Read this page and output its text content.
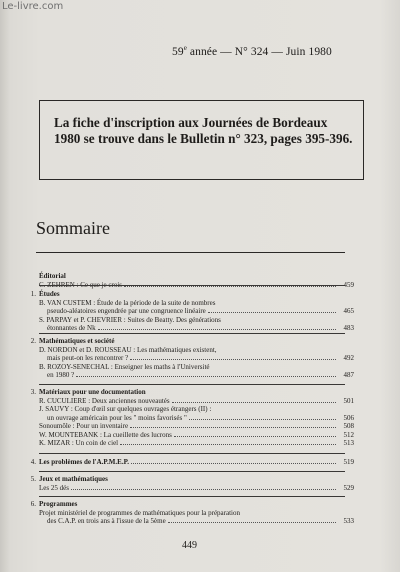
Le-livre.com
59e année — N° 324 — Juin 1980
La fiche d'inscription aux Journées de Bordeaux 1980 se trouve dans le Bulletin n° 323, pages 395-396.
Sommaire
Éditorial
C. ZEHREN : Ce que je crois	459
1. Études
B. VAN CUSTEM : Étude de la période de la suite de nombres
pseudo-aléatoires engendrée par une congruence linéaire	465
S. PARPAY et P. CHEVRIER : Suites de Beatty. Des générations
étonnantes de Nk	483
2. Mathématiques et société
D. NORDON et D. ROUSSEAU : Les mathématiques existent,
mais peut-on les rencontrer ?	492
B. ROZOY-SENECHAL : Enseigner les maths à l'Université
en 1980 ?	487
3. Matériaux pour une documentation
R. CUCULIERE : Deux anciennes nouveautés	501
J. SAUVY : Coup d'œil sur quelques ouvrages étrangers (II) :
un ouvrage américain pour les " moins favorisés "	506
Sonoumôle : Pour un inventaire	508
W. MOUNTEBANK : La cueillette des lucrons	512
K. MIZAR : Un coin de ciel	513
4. Les problèmes de l'A.P.M.E.P.	519
5. Jeux et mathématiques
Les 25 dés	529
6. Programmes
Projet ministériel de programmes de mathématiques pour la préparation
des C.A.P. en trois ans à l'issue de la 5ème	533
449
